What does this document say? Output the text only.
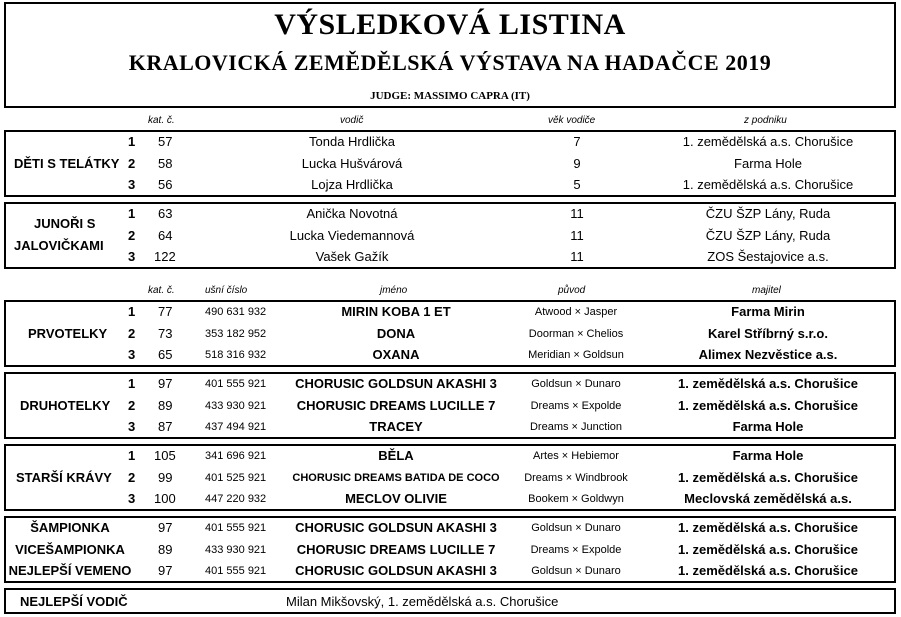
VÝSLEDKOVÁ LISTINA
KRALOVICKÁ ZEMĚDĚLSKÁ VÝSTAVA NA HADAČCE 2019
JUDGE: MASSIMO CAPRA (IT)
kat. č.	vodič	věk vodiče	z podniku
DĚTI S TELÁTKY
1 57	Tonda Hrdlička	7	1. zemědělská a.s. Chorušice
2 58	Lucka Hušvárová	9	Farma Hole
3 56	Lojza Hrdlička	5	1. zemědělská a.s. Chorušice
JUNOŘI S
JALOVIČKAMI
1 63	Anička Novotná	11	ČZU ŠZP Lány, Ruda
2 64	Lucka Viedemannová	11	ČZU ŠZP Lány, Ruda
3 122	Vašek Gažík	11	ZOS Šestajovice a.s.
kat. č.	ušní číslo	jméno	původ	majitel
PRVOTELKY
1 77	490 631 932	MIRIN KOBA 1 ET	Atwood × Jasper	Farma Mirin
2 73	353 182 952	DONA	Doorman × Chelios	Karel Stříbrný s.r.o.
3 65	518 316 932	OXANA	Meridian × Goldsun	Alimex Nezvěstice a.s.
DRUHOTELKY
1 97	401 555 921	CHORUSIC GOLDSUN AKASHI 3	Goldsun × Dunaro	1. zemědělská a.s. Chorušice
2 89	433 930 921	CHORUSIC DREAMS LUCILLE 7	Dreams × Expolde	1. zemědělská a.s. Chorušice
3 87	437 494 921	TRACEY	Dreams × Junction	Farma Hole
STARŠÍ KRÁVY
1 105	341 696 921	BĚLA	Artes × Hebiemor	Farma Hole
2 99	401 525 921	CHORUSIC DREAMS BATIDA DE COCO	Dreams × Windbrook	1. zemědělská a.s. Chorušice
3 100	447 220 932	MECLOV OLIVIE	Bookem × Goldwyn	Meclovská zemědělská a.s.
ŠAMPIONKA	97	401 555 921	CHORUSIC GOLDSUN AKASHI 3	Goldsun × Dunaro	1. zemědělská a.s. Chorušice
VICEŠAMPIONKA	89	433 930 921	CHORUSIC DREAMS LUCILLE 7	Dreams × Expolde	1. zemědělská a.s. Chorušice
NEJLEPŠÍ VEMENO 97	401 555 921	CHORUSIC GOLDSUN AKASHI 3	Goldsun × Dunaro	1. zemědělská a.s. Chorušice
NEJLEPŠÍ VODIČ	Milan Mikšovský, 1. zemědělská a.s. Chorušice
